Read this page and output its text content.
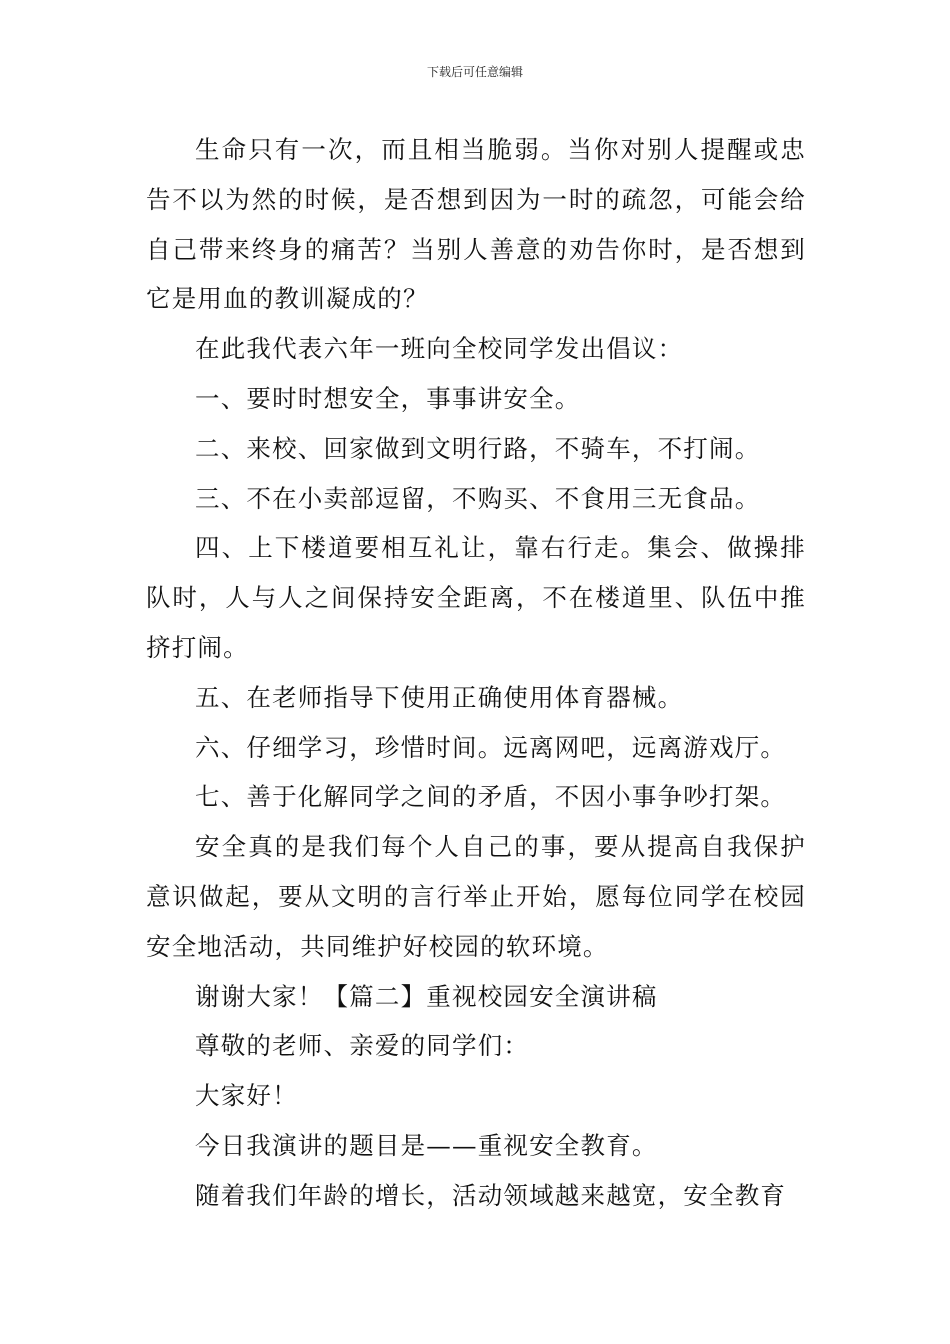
下载后可任意编辑

生命只有一次，而且相当脆弱。当你对别人提醒或忠告不以为然的时候，是否想到因为一时的疏忽，可能会给自己带来终身的痛苦？当别人善意的劝告你时，是否想到它是用血的教训凝成的？

在此我代表六年一班向全校同学发出倡议：

一、要时时想安全，事事讲安全。

二、来校、回家做到文明行路，不骑车，不打闹。

三、不在小卖部逗留，不购买、不食用三无食品。

四、上下楼道要相互礼让，靠右行走。集会、做操排队时，人与人之间保持安全距离，不在楼道里、队伍中推挤打闹。

五、在老师指导下使用正确使用体育器械。

六、仔细学习，珍惜时间。远离网吧，远离游戏厅。

七、善于化解同学之间的矛盾，不因小事争吵打架。

安全真的是我们每个人自己的事，要从提高自我保护意识做起，要从文明的言行举止开始，愿每位同学在校园安全地活动，共同维护好校园的软环境。

谢谢大家！【篇二】重视校园安全演讲稿

尊敬的老师、亲爱的同学们：

大家好！

今日我演讲的题目是——重视安全教育。

随着我们年龄的增长，活动领域越来越宽，安全教育
